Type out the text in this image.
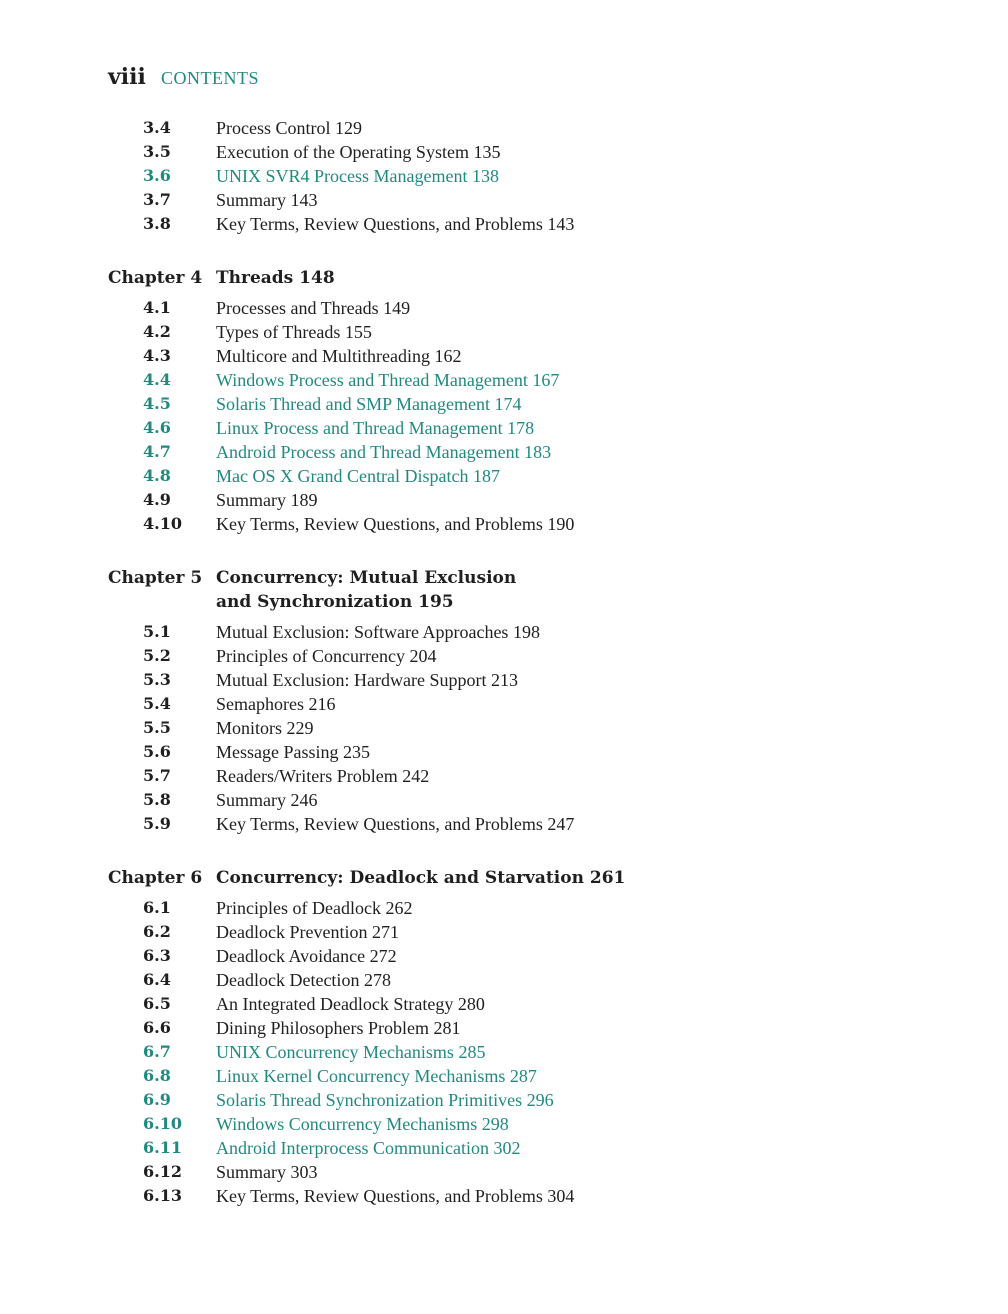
viii CONTENTS
3.4	Process Control 129
3.5	Execution of the Operating System 135
3.6	UNIX SVR4 Process Management 138
3.7	Summary 143
3.8	Key Terms, Review Questions, and Problems 143
Chapter 4 Threads 148
4.1	Processes and Threads 149
4.2	Types of Threads 155
4.3	Multicore and Multithreading 162
4.4	Windows Process and Thread Management 167
4.5	Solaris Thread and SMP Management 174
4.6	Linux Process and Thread Management 178
4.7	Android Process and Thread Management 183
4.8	Mac OS X Grand Central Dispatch 187
4.9	Summary 189
4.10 Key Terms, Review Questions, and Problems 190
Chapter 5 Concurrency: Mutual Exclusion
and Synchronization 195
5.1	Mutual Exclusion: Software Approaches 198
5.2	Principles of Concurrency 204
5.3	Mutual Exclusion: Hardware Support 213
5.4	Semaphores 216
5.5	Monitors 229
5.6	Message Passing 235
5.7	Readers/Writers Problem 242
5.8	Summary 246
5.9	Key Terms, Review Questions, and Problems 247
Chapter 6 Concurrency: Deadlock and Starvation 261
6.1	Principles of Deadlock 262
6.2	Deadlock Prevention 271
6.3	Deadlock Avoidance 272
6.4	Deadlock Detection 278
6.5	An Integrated Deadlock Strategy 280
6.6	Dining Philosophers Problem 281
6.7	UNIX Concurrency Mechanisms 285
6.8	Linux Kernel Concurrency Mechanisms 287
6.9	Solaris Thread Synchronization Primitives 296
6.10 Windows Concurrency Mechanisms 298
6.11 Android Interprocess Communication 302
6.12 Summary 303
6.13 Key Terms, Review Questions, and Problems 304
